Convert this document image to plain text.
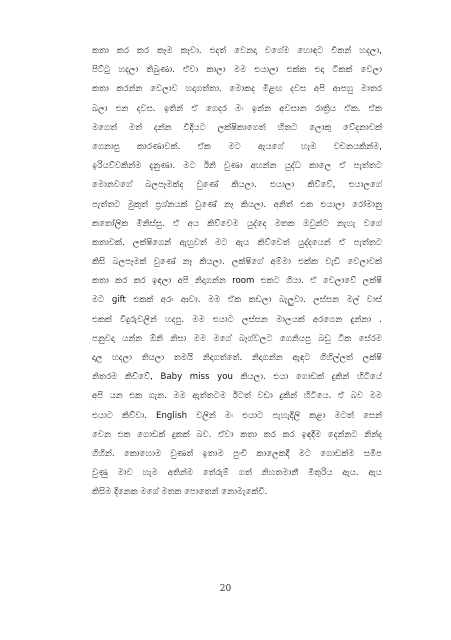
කතා කර කර කෑම කෑවා. එදත් වෙනදා වගේම හොඳට චිකන් හදලා,
පිට්ටු හදලා තිබුණා. ඒවා කාලා මම එයාලා එක්ක එදා ටිකක් වෙලා
කතා කරන්න වෙලාව හදාගත්තා. මොකද මීළඟ දවස අපි ආපහු මාතර
බලා එන දවස. ඉතින් ඒ ගෙදර මං ඉන්න අවසාන රාත්‍රිය ඒක. ඒක
මගෙත් මත් දන්න විදියට ලක්ෂිකාගෙත් හිතට ලොකු වේදනාවක්
ගෙනාපු කාරණාවක්. ඒක මට ඇයගේ හැම වචනයකින්ම,
ඉරියව්වකින්ම දැනුණා. මට ඊනි වුණා අහන්න යුද්ධ කාලෙ ඒ පැත්තට
මොනවගේ බලපෑමක්ද වුණේ කියලා. එයාලා කිව්වේ, එයාලගේ
පැත්තට මුකුත් ප්‍රශ්නයක් වුණේ නෑ කියලා. අනිත් එක එයාලා රෝමානු
කතෝලික මිනිස්සු. ඒ අය කිව්වෙම යුද්දෙ මතක ඔවුන්ට නැහැ වගේ
කතාවක්. ලක්ෂිගෙන් ඇහුවත් මට ඇය කිව්වෙත් යුද්දයෙන් ඒ පැත්තට
කිසි බලපෑමක් වුණේ නෑ කියලා. ලක්ෂිගේ අම්මා එක්ක වැඩි වෙලාවක්
කතා කර කර ඉඳලා අපි නිදාගන්න room එකට ගියා. ඒ වෙලාවේ ලක්ෂි
මට gift එකක් අරං ආවා. මම ඒක කඩලා බැලුවා. ලස්සන මල් වාස්
එකක් විදුරුවලින් හදපු. මම එයාට ලස්සන මාලයක් අරගෙන දුන්නා .
පනුවදා යන්න ඕනි නිසා මම මගේ බෑග්වලට ගෙනියපු බඩු ටික සේරම
දාල හදලා තියලා තමයි නිදාගත්තේ. නිදාගන්න ඇඳට ගිහිල්ලත් ලක්ෂි
නිතරම කිව්වේ, Baby miss you කියලා. එයා ගොඩක් දුකින් හිටියේ
අපි යන එක ගැන. මම ඇත්තටම ඊටත් වඩා දුකින් හිටියෙ. ඒ බව මම
එයාට කිව්වා. English වලින් මං එයාට පැහැදිලි කළා මටත් සෙන්
වෙන එක ගොඩක් දුකක් බව. ඒවා කතා කර කර ඉඳදීම දෙන්නට නින්ද
ගිහින්. කොහොම වුණත් ඉතාම පුංචි කාලෙකදී මට ගොඩක්ම සමීප
වුණු මාව හැම අතින්ම තේරුම් ගත් නිහතමානී මිතුරිය ඇය. ඇය
කිසිම දිනෙක මගේ මතක පොතෙන් නොමැකේවී.
20
